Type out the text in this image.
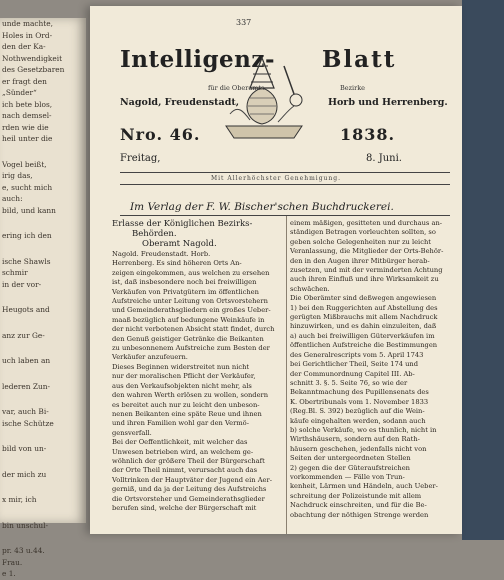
unde machte,
Holes in Ord-
den der Ka-
Nothwendigkeit
des Gesetzbaren
er fragt den
„Sünder“
ich bete blos,
nach demsel-
rden wie die
heil unter die
Vogel beißt,
irig das,
e, sucht mich
auch:
bild, und kann
ering ich den
ische Shawls
schmir
in der vor-
Heugots and
anz zur Ge-
uch laben an
lederen Zun-
var, auch Bi-
ische Schütze
bild von un-
der mich zu
x mir, ich
bin unschul-
pr. 43 u.44.
Frau.
e 1.
337
Intelligenz- Blatt
für die Oberamts-	Bezirke
Nagold, Freudenstadt,	Horb und Herrenberg.
Nro. 46.	1838.
Freitag,	8. Juni.
Mit Allerhöchster Genehmigung.
Im Verlag der F. W. Bischer'schen Buchdruckerei.
Erlasse der Königlichen Bezirks-
Behörden.
Oberamt Nagold.
Nagold. Freudenstadt. Horb.
Herrenberg. Es sind höheren Orts An-
zeigen eingekommen, aus welchen zu ersehen
ist, daß insbesondere noch bei freiwilligen
Verkäufen von Privatgütern im öffentlichen
Aufstreiche unter Leitung von Ortsvorstehern
und Gemeinderathsgliedern ein großes Ueber-
maaß bezüglich auf bedungene Weinkäufe in
der nicht verbotenen Absicht statt findet, durch
den Genuß geistiger Getränke die Beikanten
zu unbesonnenem Aufstreiche zum Besten der
Verkäufer anzufeuern.
Dieses Beginnen widerstreitet nun nicht
nur der moralischen Pflicht der Verkäufer,
aus den Verkaufsobjekten nicht mehr, als
den wahren Werth erlösen zu wollen, sondern
es bereitet auch nur zu leicht den unbeson-
nenen Beikanten eine späte Reue und ihnen
und ihren Familien wohl gar den Vermö-
gensverfall.
Bei der Oeffentlichkeit, mit welcher das
Unwesen betrieben wird, an welchem ge-
wöhnlich der größere Theil der Bürgerschaft
der Orte Theil nimmt, verursacht auch das
Volltrinken der Hauptväter der Jugend ein Aer-
gerniß, und da ja der Leitung des Aufstreichs
die Ortsvorsteher und Gemeinderathsglieder
berufen sind, welche der Bürgerschaft mit
einem mäßigen, gesitteten und durchaus an-
ständigen Betragen vorleuchten sollten, so
geben solche Gelegenheiten nur zu leicht
Veranlassung, die Mitglieder der Orts-Behör-
den in den Augen ihrer Mitbürger herab-
zusetzen, und mit der verminderten Achtung
auch ihren Einfluß und ihre Wirksamkeit zu
schwächen.
Die Oberämter sind deßwegen angewiesen
1) bei den Ruggerichten auf Abstellung des
gerügten Mißbrauchs mit allem Nachdruck
hinzuwirken, und es dahin einzuleiten, daß
a) auch bei freiwilligen Güterverkäufen im
öffentlichen Aufstreiche die Bestimmungen
des Generalrescripts vom 5. April 1743
bei Gerichtlicher Theil, Seite 174 und
der Communordnung Capitel III. Ab-
schnitt 3. §. 5. Seite 76, so wie der
Bekanntmachung des Pupillensenats des
K. Obertribunals vom 1. November 1833
(Reg.Bl. S. 392) bezüglich auf die Wein-
käufe eingehalten werden, sodann auch
b) solche Verkäufe, wo es thunlich, nicht in
Wirthshäusern, sondern auf den Rath-
häusern geschehen, jedenfalls nicht von
Seiten der untergeordneten Stellen
2) gegen die der Güteraufstreichen
vorkommenden — Fälle von Trun-
kenheit, Lärmen und Händeln, auch Ueber-
schreitung der Polizeistunde mit allem
Nachdruck einschreiten, und für die Be-
obachtung der nöthigen Strenge werden
